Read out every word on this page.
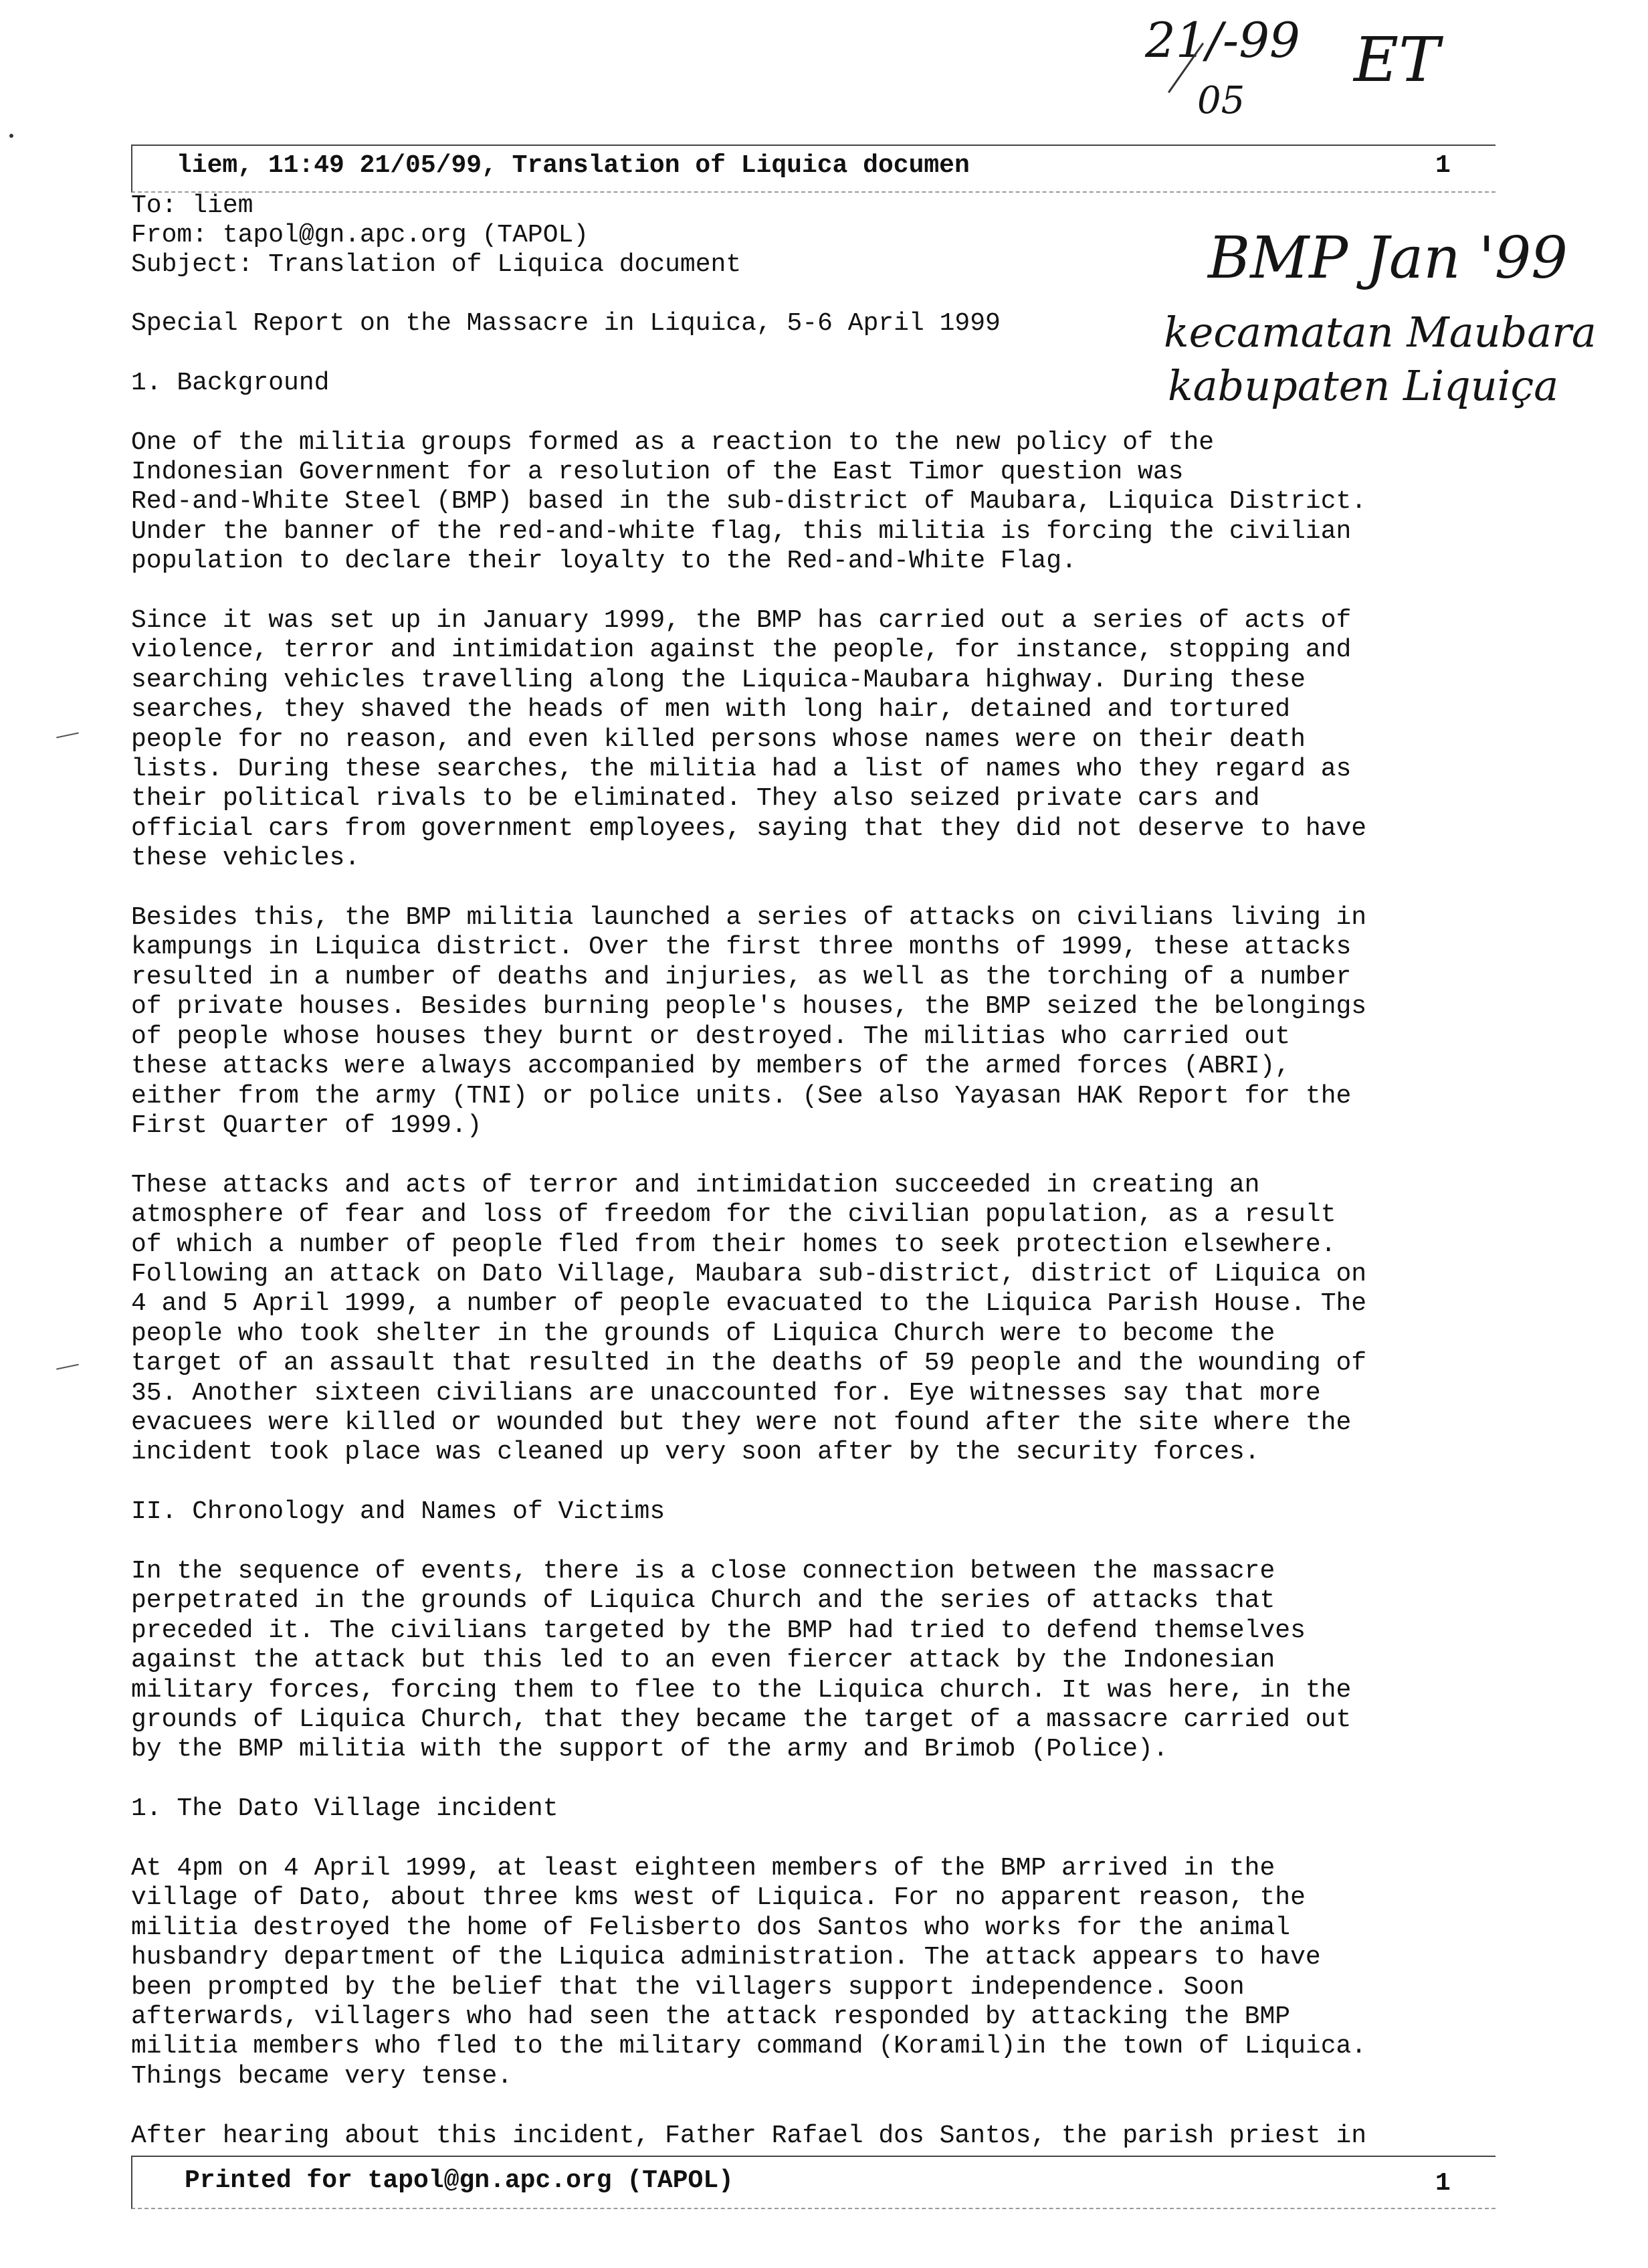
21/-99
05
ET
BMP Jan '99
kecamatan Maubara
kabupaten Liquiça
liem, 11:49 21/05/99, Translation of Liquica documen	1
To: liem
From: tapol@gn.apc.org (TAPOL)
Subject: Translation of Liquica document

Special Report on the Massacre in Liquica, 5-6 April 1999

1. Background

One of the militia groups formed as a reaction to the new policy of the
Indonesian Government for a resolution of the East Timor question was
Red-and-White Steel (BMP) based in the sub-district of Maubara, Liquica District.
Under the banner of the red-and-white flag, this militia is forcing the civilian
population to declare their loyalty to the Red-and-White Flag.

Since it was set up in January 1999, the BMP has carried out a series of acts of
violence, terror and intimidation against the people, for instance, stopping and
searching vehicles travelling along the Liquica-Maubara highway. During these
searches, they shaved the heads of men with long hair, detained and tortured
people for no reason, and even killed persons whose names were on their death
lists. During these searches, the militia had a list of names who they regard as
their political rivals to be eliminated. They also seized private cars and
official cars from government employees, saying that they did not deserve to have
these vehicles.

Besides this, the BMP militia launched a series of attacks on civilians living in
kampungs in Liquica district. Over the first three months of 1999, these attacks
resulted in a number of deaths and injuries, as well as the torching of a number
of private houses. Besides burning people's houses, the BMP seized the belongings
of people whose houses they burnt or destroyed. The militias who carried out
these attacks were always accompanied by members of the armed forces (ABRI),
either from the army (TNI) or police units. (See also Yayasan HAK Report for the
First Quarter of 1999.)

These attacks and acts of terror and intimidation succeeded in creating an
atmosphere of fear and loss of freedom for the civilian population, as a result
of which a number of people fled from their homes to seek protection elsewhere.
Following an attack on Dato Village, Maubara sub-district, district of Liquica on
4 and 5 April 1999, a number of people evacuated to the Liquica Parish House. The
people who took shelter in the grounds of Liquica Church were to become the
target of an assault that resulted in the deaths of 59 people and the wounding of
35. Another sixteen civilians are unaccounted for. Eye witnesses say that more
evacuees were killed or wounded but they were not found after the site where the
incident took place was cleaned up very soon after by the security forces.

II. Chronology and Names of Victims

In the sequence of events, there is a close connection between the massacre
perpetrated in the grounds of Liquica Church and the series of attacks that
preceded it. The civilians targeted by the BMP had tried to defend themselves
against the attack but this led to an even fiercer attack by the Indonesian
military forces, forcing them to flee to the Liquica church. It was here, in the
grounds of Liquica Church, that they became the target of a massacre carried out
by the BMP militia with the support of the army and Brimob (Police).

1. The Dato Village incident

At 4pm on 4 April 1999, at least eighteen members of the BMP arrived in the
village of Dato, about three kms west of Liquica. For no apparent reason, the
militia destroyed the home of Felisberto dos Santos who works for the animal
husbandry department of the Liquica administration. The attack appears to have
been prompted by the belief that the villagers support independence. Soon
afterwards, villagers who had seen the attack responded by attacking the BMP
militia members who fled to the military command (Koramil)in the town of Liquica.
Things became very tense.

After hearing about this incident, Father Rafael dos Santos, the parish priest in

Printed for tapol@gn.apc.org (TAPOL)	1
